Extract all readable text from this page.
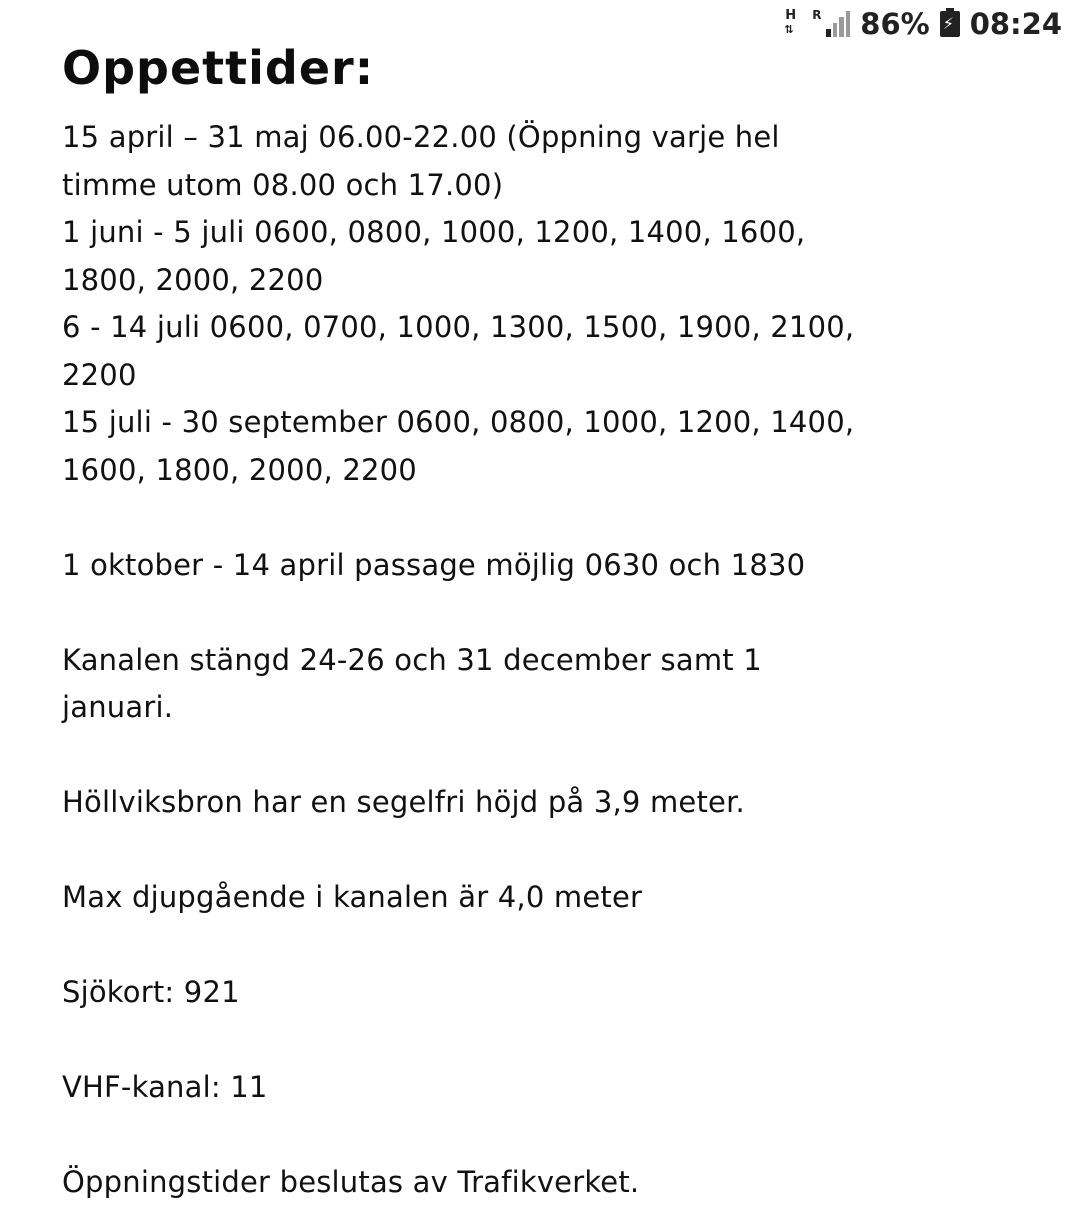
H
⇅
R 86% ⚡ 08:24
Oppettider:
15 april – 31 maj 06.00-22.00 (Öppning varje hel
timme utom 08.00 och 17.00)
1 juni - 5 juli 0600, 0800, 1000, 1200, 1400, 1600,
1800, 2000, 2200
6 - 14 juli 0600, 0700, 1000, 1300, 1500, 1900, 2100,
2200
15 juli - 30 september 0600, 0800, 1000, 1200, 1400,
1600, 1800, 2000, 2200
1 oktober - 14 april passage möjlig 0630 och 1830
Kanalen stängd 24-26 och 31 december samt 1
januari.
Höllviksbron har en segelfri höjd på 3,9 meter.
Max djupgående i kanalen är 4,0 meter
Sjökort: 921
VHF-kanal: 11
Öppningstider beslutas av Trafikverket.
